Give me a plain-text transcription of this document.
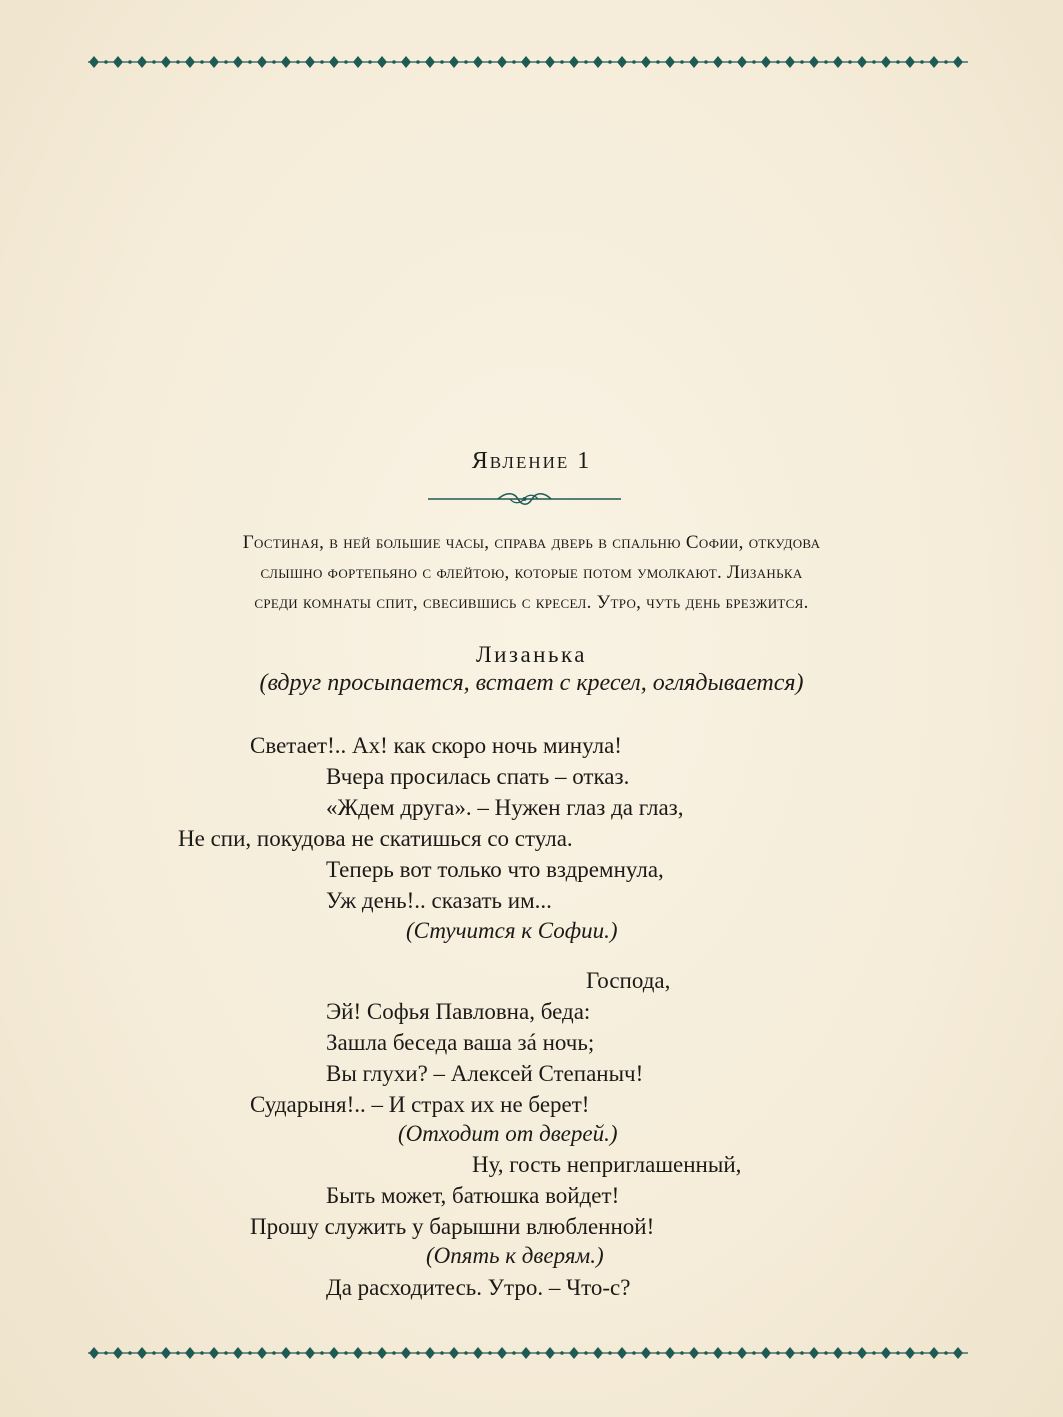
Явление 1

Гостиная, в ней большие часы, справа дверь в спальню Софии, откудова

слышно фортепьяно с флейтою, которые потом умолкают. Лизанька

среди комнаты спит, свесившись с кресел. Утро, чуть день брезжится.

Лизанька
(вдруг просыпается, встает с кресел, оглядывается)
Светает!.. Ах! как скоро ночь минула!
Вчера просилась спать – отказ.
«Ждем друга». – Нужен глаз да глаз,
Не спи, покудова не скатишься со стула.
Теперь вот только что вздремнула,
Уж день!.. сказать им...
(Стучится к Софии.)
Господа,
Эй! Софья Павловна, беда:
Зашла беседа ваша зá ночь;
Вы глухи? – Алексей Степаныч!
Сударыня!.. – И страх их не берет!
(Отходит от дверей.)
Ну, гость неприглашенный,
Быть может, батюшка войдет!
Прошу служить у барышни влюбленной!
(Опять к дверям.)
Да расходитесь. Утро. – Что-с?
